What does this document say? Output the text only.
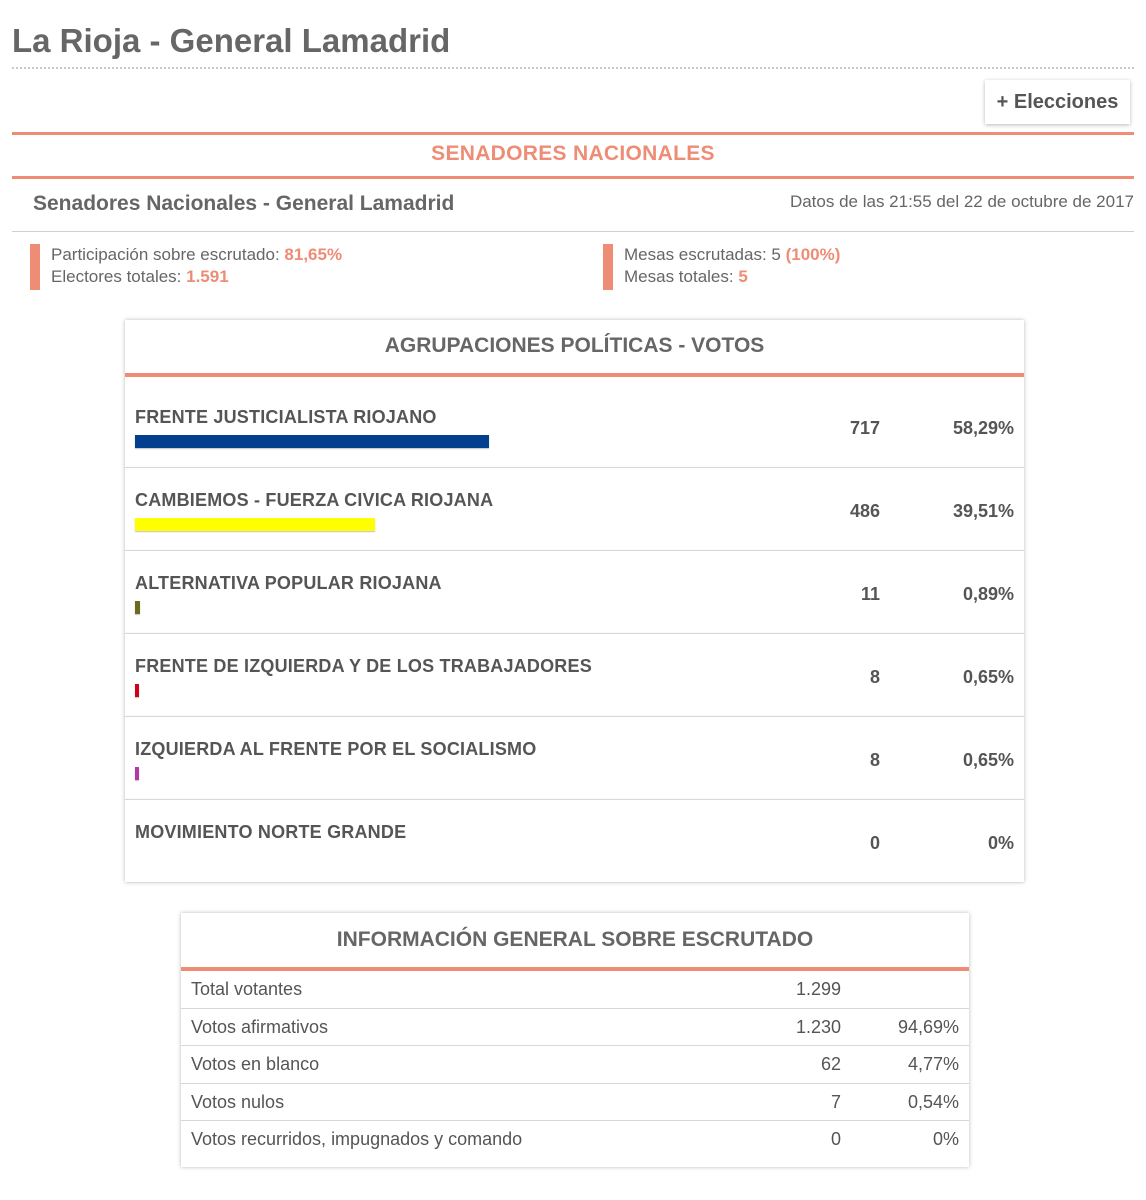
La Rioja - General Lamadrid
+ Elecciones
SENADORES NACIONALES
Senadores Nacionales - General Lamadrid	Datos de las 21:55 del 22 de octubre de 2017
Participación sobre escrutado: 81,65%
Electores totales: 1.591
Mesas escrutadas: 5 (100%)
Mesas totales: 5
AGRUPACIONES POLÍTICAS - VOTOS
FRENTE JUSTICIALISTA RIOJANO
717	58,29%
CAMBIEMOS - FUERZA CIVICA RIOJANA
486	39,51%
ALTERNATIVA POPULAR RIOJANA
11	0,89%
FRENTE DE IZQUIERDA Y DE LOS TRABAJADORES
8	0,65%
IZQUIERDA AL FRENTE POR EL SOCIALISMO
8	0,65%
MOVIMIENTO NORTE GRANDE
0	0%
INFORMACIÓN GENERAL SOBRE ESCRUTADO
Total votantes	1.299
Votos afirmativos	1.230	94,69%
Votos en blanco	62	4,77%
Votos nulos	7	0,54%
Votos recurridos, impugnados y comando	0	0%
